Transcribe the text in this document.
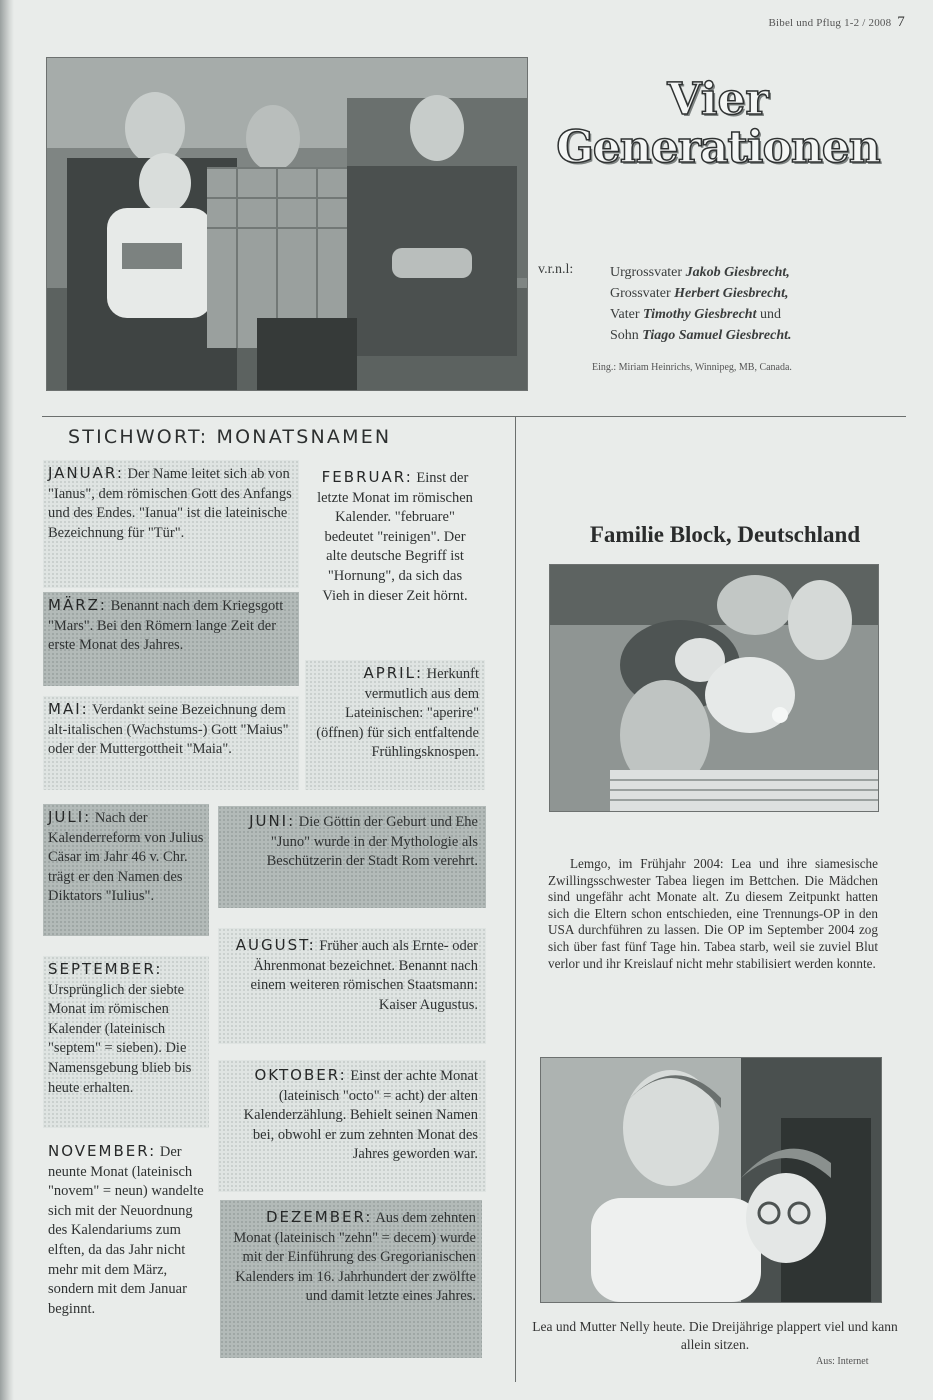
Bibel und Pflug 1-2 / 2008 7
Vier
Generationen
v.r.n.l:	Urgrossvater Jakob Giesbrecht,
Grossvater Herbert Giesbrecht,
Vater Timothy Giesbrecht und
Sohn Tiago Samuel Giesbrecht.
Eing.: Miriam Heinrichs, Winnipeg, MB, Canada.
STICHWORT: MONATSNAMEN
JANUAR: Der Name leitet sich ab von "Ianus", dem römischen Gott des Anfangs und des Endes. "Ianua" ist die lateinische Bezeichnung für "Tür".
FEBRUAR: Einst der letzte Monat im römischen Kalender. "februare" bedeutet "reinigen". Der alte deutsche Begriff ist "Hornung", da sich das Vieh in dieser Zeit hörnt.
MÄRZ: Benannt nach dem Kriegsgott "Mars". Bei den Römern lange Zeit der erste Monat des Jahres.
APRIL: Herkunft vermutlich aus dem Lateinischen: "aperire" (öffnen) für sich entfaltende Frühlingsknospen.
MAI: Verdankt seine Bezeichnung dem alt-italischen (Wachstums-) Gott "Maius" oder der Muttergottheit "Maia".
JULI: Nach der Kalenderreform von Julius Cäsar im Jahr 46 v. Chr. trägt er den Namen des Diktators "Iulius".
JUNI: Die Göttin der Geburt und Ehe "Juno" wurde in der Mythologie als Beschützerin der Stadt Rom verehrt.
AUGUST: Früher auch als Ernte- oder Ährenmonat bezeichnet. Benannt nach einem weiteren römischen Staatsmann: Kaiser Augustus.
SEPTEMBER: Ursprünglich der siebte Monat im römischen Kalender (lateinisch "septem" = sieben). Die Namensgebung blieb bis heute erhalten.
OKTOBER: Einst der achte Monat (lateinisch "octo" = acht) der alten Kalenderzählung. Behielt seinen Namen bei, obwohl er zum zehnten Monat des Jahres geworden war.
NOVEMBER: Der neunte Monat (lateinisch "novem" = neun) wandelte sich mit der Neuordnung des Kalendariums zum elften, da das Jahr nicht mehr mit dem März, sondern mit dem Januar beginnt.
DEZEMBER: Aus dem zehnten Monat (lateinisch "zehn" = decem) wurde mit der Einführung des Gregorianischen Kalenders im 16. Jahrhundert der zwölfte und damit letzte eines Jahres.
Familie Block, Deutschland
Lemgo, im Frühjahr 2004: Lea und ihre siamesische Zwillingsschwester Tabea liegen im Bettchen. Die Mädchen sind ungefähr acht Monate alt. Zu diesem Zeitpunkt hatten sich die Eltern schon entschieden, eine Trennungs-OP in den USA durchführen zu lassen. Die OP im September 2004 zog sich über fast fünf Tage hin. Tabea starb, weil sie zuviel Blut verlor und ihr Kreislauf nicht mehr stabilisiert werden konnte.
Lea und Mutter Nelly heute. Die Dreijährige plappert viel und kann allein sitzen.
Aus: Internet
